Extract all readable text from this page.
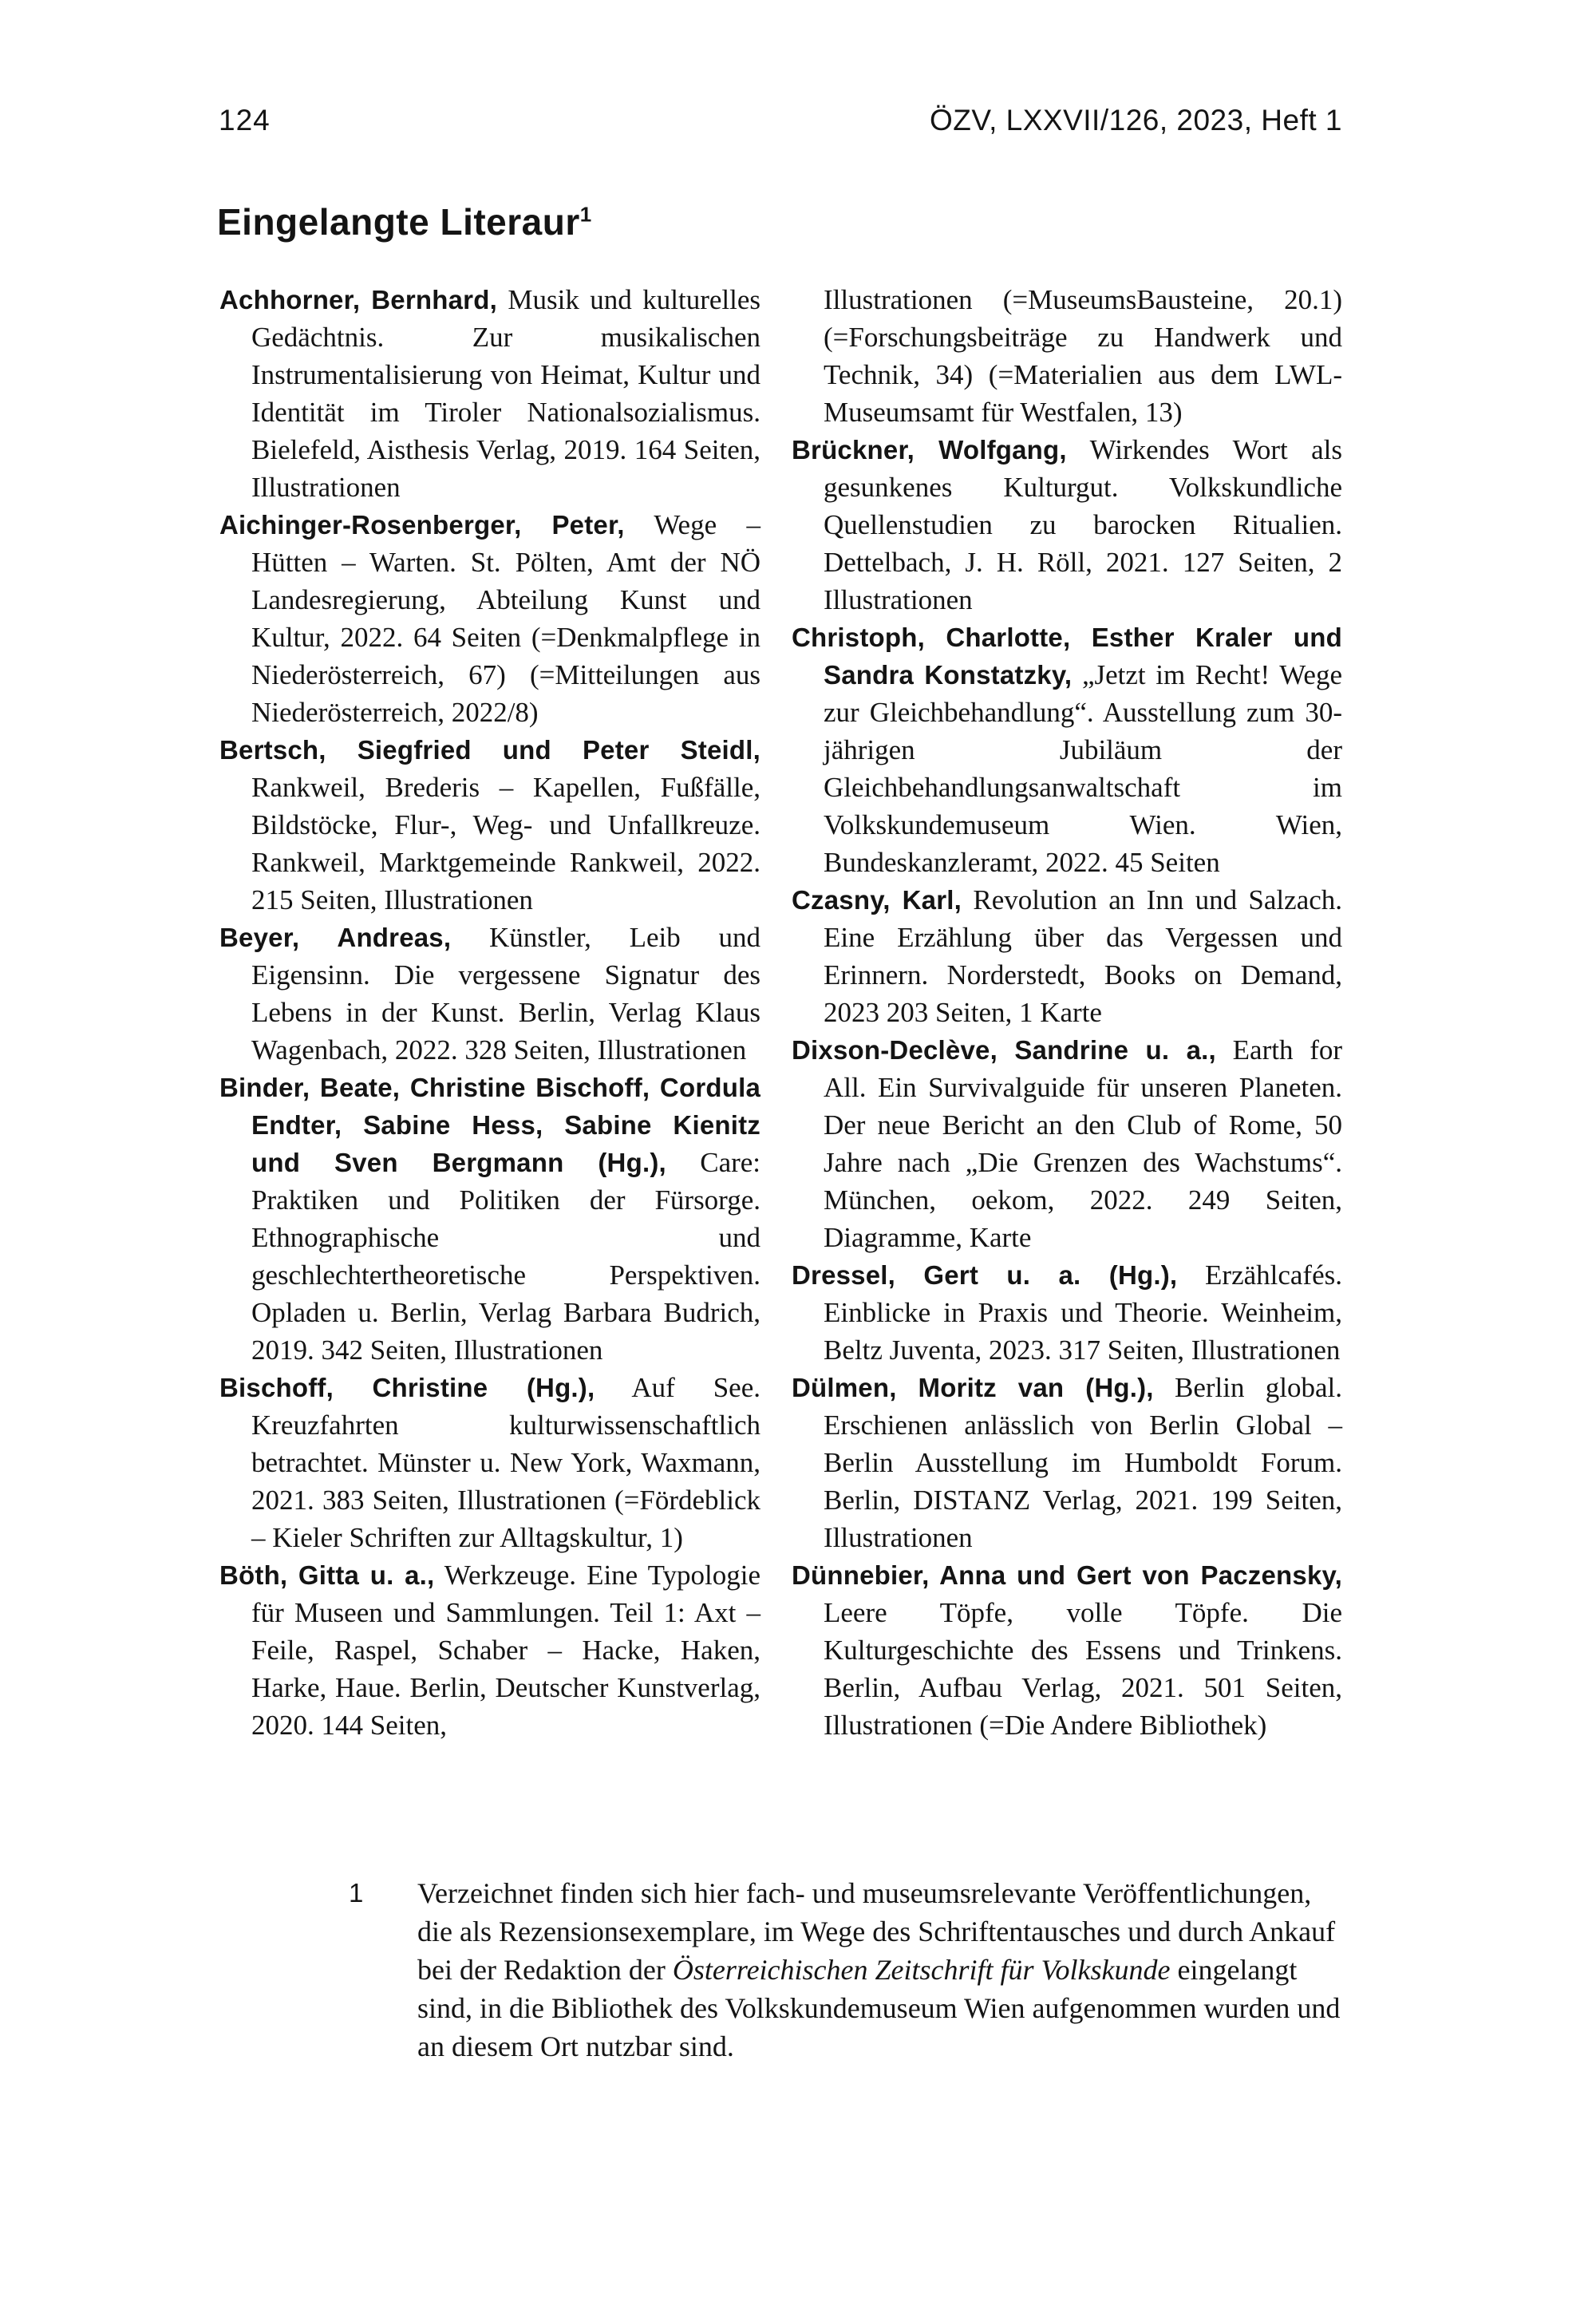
124	ÖZV, LXXVII/126, 2023, Heft 1
Eingelangte Literaur$^1$

Achhorner, Bernhard, Musik und kulturelles Gedächtnis. Zur musikalischen Instrumentalisierung von Heimat, Kultur und Identität im Tiroler Nationalsozialismus. Bielefeld, Aisthesis Verlag, 2019. 164 Seiten, Illustrationen

Aichinger-Rosenberger, Peter, Wege – Hütten – Warten. St. Pölten, Amt der NÖ Landesregierung, Abteilung Kunst und Kultur, 2022. 64 Seiten (=Denkmalpflege in Niederösterreich, 67) (=Mitteilungen aus Niederösterreich, 2022/8)

Bertsch, Siegfried und Peter Steidl, Rankweil, Brederis – Kapellen, Fußfälle, Bildstöcke, Flur-, Weg- und Unfallkreuze. Rankweil, Marktgemeinde Rankweil, 2022. 215 Seiten, Illustrationen

Beyer, Andreas, Künstler, Leib und Eigensinn. Die vergessene Signatur des Lebens in der Kunst. Berlin, Verlag Klaus Wagenbach, 2022. 328 Seiten, Illustrationen

Binder, Beate, Christine Bischoff, Cordula Endter, Sabine Hess, Sabine Kienitz und Sven Bergmann (Hg.), Care: Praktiken und Politiken der Fürsorge. Ethnographische und geschlechtertheoretische Perspektiven. Opladen u. Berlin, Verlag Barbara Budrich, 2019. 342 Seiten, Illustrationen

Bischoff, Christine (Hg.), Auf See. Kreuzfahrten kulturwissenschaftlich betrachtet. Münster u. New York, Waxmann, 2021. 383 Seiten, Illustrationen (=Fördeblick – Kieler Schriften zur Alltagskultur, 1)

Böth, Gitta u. a., Werkzeuge. Eine Typologie für Museen und Sammlungen. Teil 1: Axt – Feile, Raspel, Schaber – Hacke, Haken, Harke, Haue. Berlin, Deutscher Kunstverlag, 2020. 144 Seiten,

Illustrationen (=MuseumsBausteine, 20.1) (=Forschungsbeiträge zu Handwerk und Technik, 34) (=Materialien aus dem LWL-Museumsamt für Westfalen, 13)

Brückner, Wolfgang, Wirkendes Wort als gesunkenes Kulturgut. Volkskundliche Quellenstudien zu barocken Ritualien. Dettelbach, J. H. Röll, 2021. 127 Seiten, 2 Illustrationen

Christoph, Charlotte, Esther Kraler und Sandra Konstatzky, „Jetzt im Recht! Wege zur Gleichbehandlung“. Ausstellung zum 30-jährigen Jubiläum der Gleichbehandlungsanwaltschaft im Volkskundemuseum Wien. Wien, Bundeskanzleramt, 2022. 45 Seiten

Czasny, Karl, Revolution an Inn und Salzach. Eine Erzählung über das Vergessen und Erinnern. Norderstedt, Books on Demand, 2023 203 Seiten, 1 Karte

Dixson-Declève, Sandrine u. a., Earth for All. Ein Survivalguide für unseren Planeten. Der neue Bericht an den Club of Rome, 50 Jahre nach „Die Grenzen des Wachstums“. München, oekom, 2022. 249 Seiten, Diagramme, Karte

Dressel, Gert u. a. (Hg.), Erzählcafés. Einblicke in Praxis und Theorie. Weinheim, Beltz Juventa, 2023. 317 Seiten, Illustrationen

Dülmen, Moritz van (Hg.), Berlin global. Erschienen anlässlich von Berlin Global – Berlin Ausstellung im Humboldt Forum. Berlin, DISTANZ Verlag, 2021. 199 Seiten, Illustrationen

Dünnebier, Anna und Gert von Paczensky, Leere Töpfe, volle Töpfe. Die Kulturgeschichte des Essens und Trinkens. Berlin, Aufbau Verlag, 2021. 501 Seiten, Illustrationen (=Die Andere Bibliothek)

1	Verzeichnet finden sich hier fach- und museumsrelevante Veröffentlichungen, die als Rezensionsexemplare, im Wege des Schriftentausches und durch Ankauf bei der Redaktion der Österreichischen Zeitschrift für Volkskunde eingelangt sind, in die Bibliothek des Volkskundemuseum Wien aufgenommen wurden und an diesem Ort nutzbar sind.
